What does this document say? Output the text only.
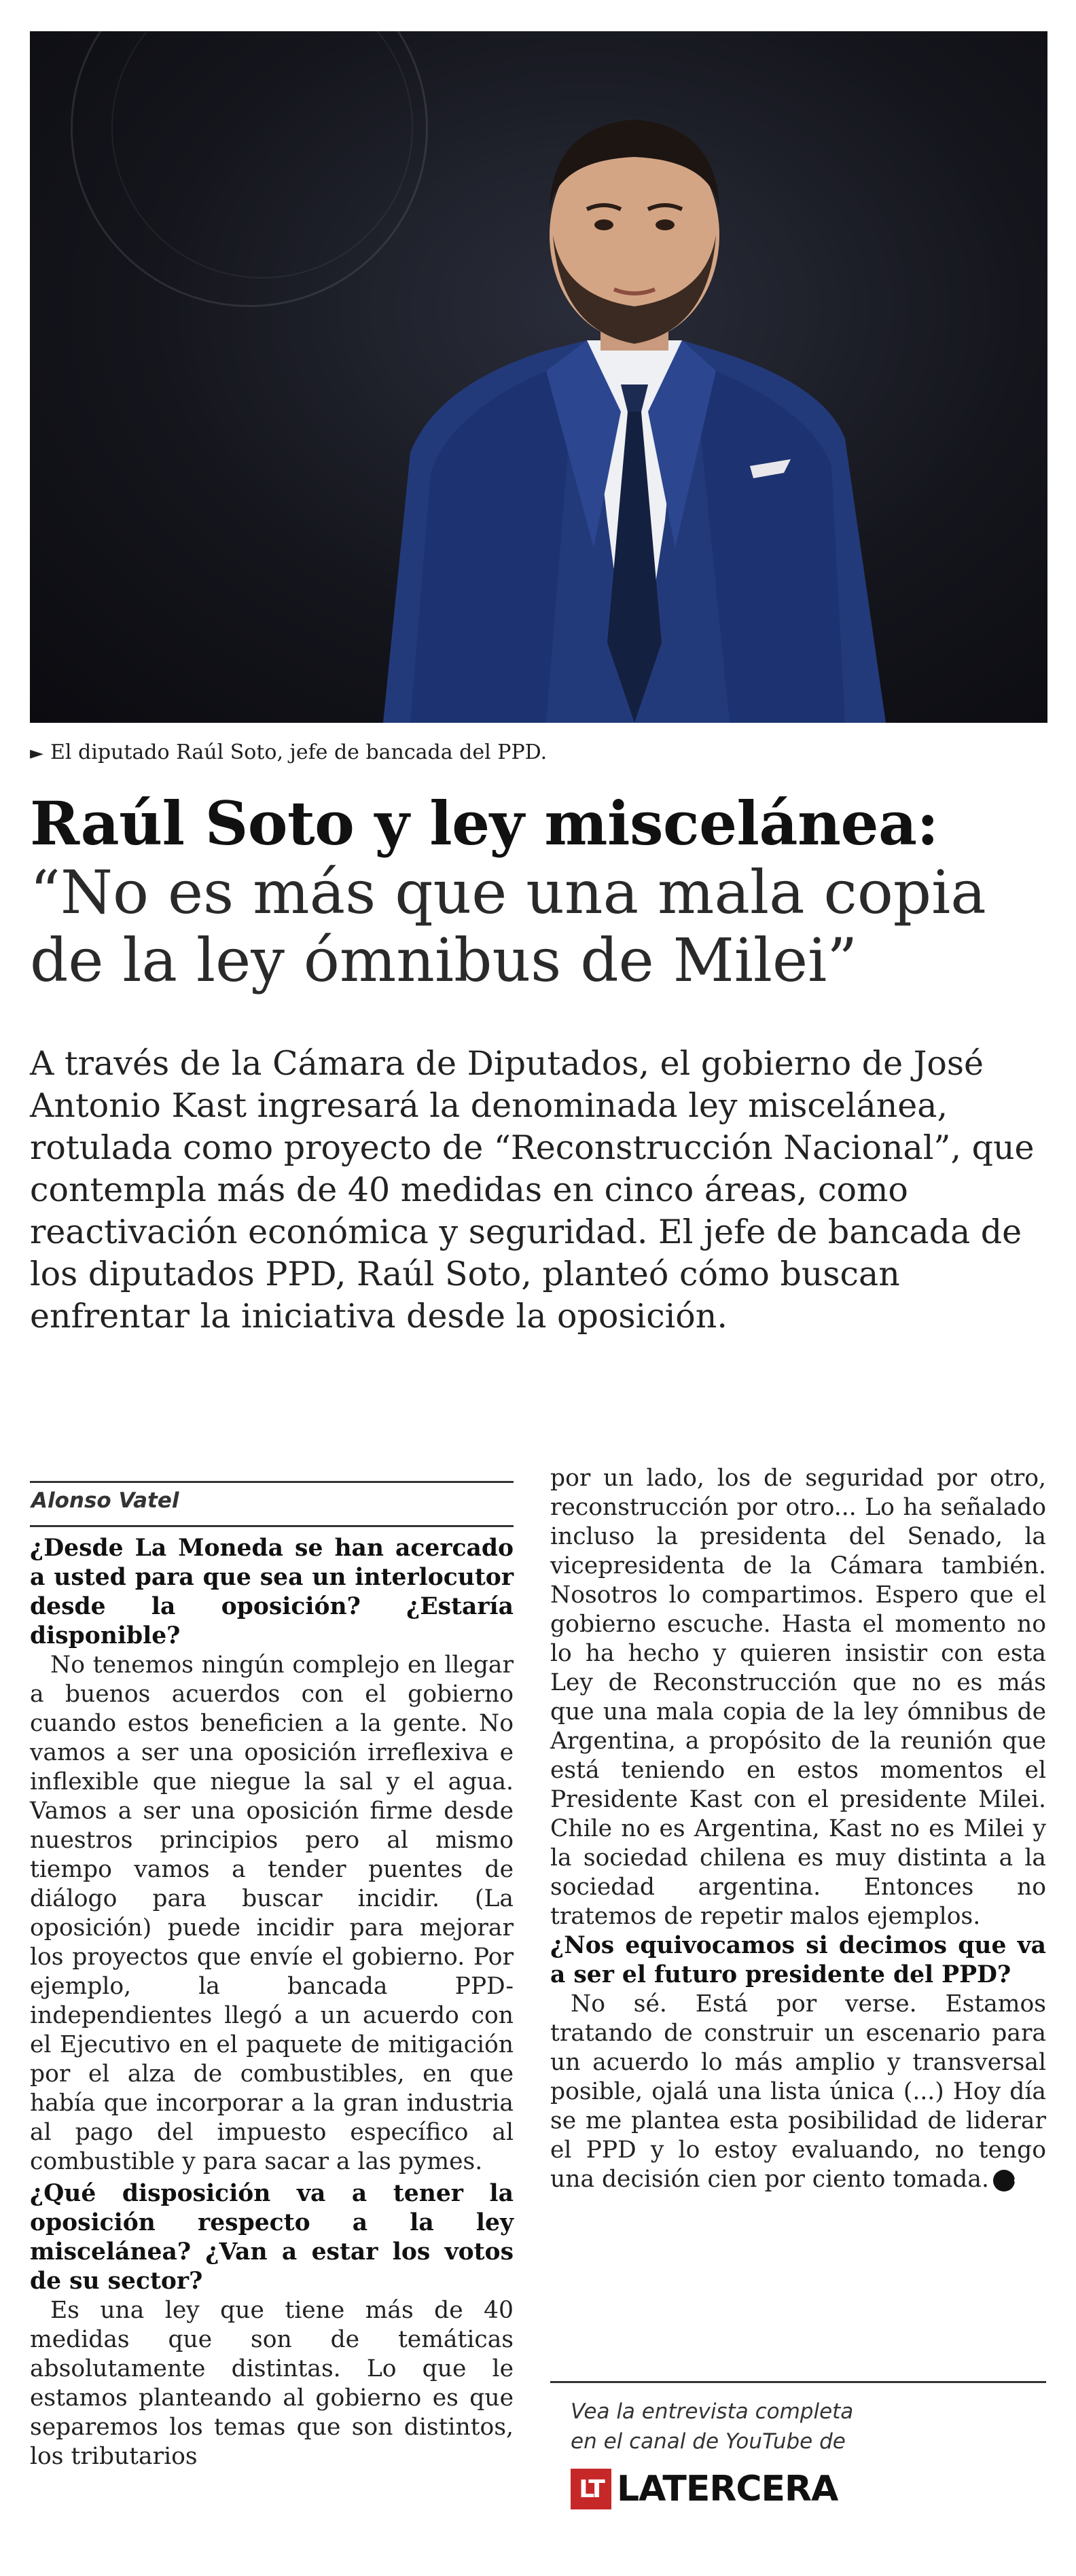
► El diputado Raúl Soto, jefe de bancada del PPD.
Raúl Soto y ley miscelánea:
“No es más que una mala copia
de la ley ómnibus de Milei”
A través de la Cámara de Diputados, el gobierno de José Antonio Kast ingresará la denominada ley miscelánea, rotulada como proyecto de “Reconstrucción Nacional”, que contempla más de 40 medidas en cinco áreas, como reactivación económica y seguridad. El jefe de bancada de los diputados PPD, Raúl Soto, planteó cómo buscan enfrentar la iniciativa desde la oposición.
Alonso Vatel

¿Desde La Moneda se han acercado a usted para que sea un interlocutor desde la oposición? ¿Estaría disponible?

No tenemos ningún complejo en llegar a buenos acuerdos con el gobierno cuando estos beneficien a la gente. No vamos a ser una oposición irreflexiva e inflexible que niegue la sal y el agua. Vamos a ser una oposición firme desde nuestros principios pero al mismo tiempo vamos a tender puentes de diálogo para buscar incidir. (La oposición) puede incidir para mejorar los proyectos que envíe el gobierno. Por ejemplo, la bancada PPD-independientes llegó a un acuerdo con el Ejecutivo en el paquete de mitigación por el alza de combustibles, en que había que incorporar a la gran industria al pago del impuesto específico al combustible y para sacar a las pymes.

¿Qué disposición va a tener la oposición respecto a la ley miscelánea? ¿Van a estar los votos de su sector?

Es una ley que tiene más de 40 medidas que son de temáticas absolutamente distintas. Lo que le estamos planteando al gobierno es que separemos los temas que son distintos, los tributarios

por un lado, los de seguridad por otro, reconstrucción por otro... Lo ha señalado incluso la presidenta del Senado, la vicepresidenta de la Cámara también. Nosotros lo compartimos. Espero que el gobierno escuche. Hasta el momento no lo ha hecho y quieren insistir con esta Ley de Reconstrucción que no es más que una mala copia de la ley ómnibus de Argentina, a propósito de la reunión que está teniendo en estos momentos el Presidente Kast con el presidente Milei. Chile no es Argentina, Kast no es Milei y la sociedad chilena es muy distinta a la sociedad argentina. Entonces no tratemos de repetir malos ejemplos.

¿Nos equivocamos si decimos que va a ser el futuro presidente del PPD?

No sé. Está por verse. Estamos tratando de construir un escenario para un acuerdo lo más amplio y transversal posible, ojalá una lista única (...) Hoy día se me plantea esta posibilidad de liderar el PPD y lo estoy evaluando, no tengo una decisión cien por ciento tomada. ✚

Vea la entrevista completa
en el canal de YouTube de
LT LATERCERA
